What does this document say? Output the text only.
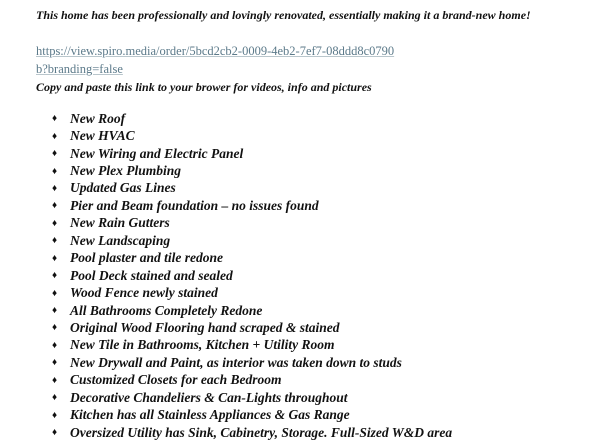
This home has been professionally and lovingly renovated, essentially making it a brand-new home!
https://view.spiro.media/order/5bcd2cb2-0009-4eb2-7ef7-08ddd8c0790b?branding=false
Copy and paste this link to your brower for videos, info and pictures
♦ New Roof
♦ New HVAC
♦ New Wiring and Electric Panel
♦ New Plex Plumbing
♦ Updated Gas Lines
♦ Pier and Beam foundation – no issues found
♦ New Rain Gutters
♦ New Landscaping
♦ Pool plaster and tile redone
♦ Pool Deck stained and sealed
♦ Wood Fence newly stained
♦ All Bathrooms Completely Redone
♦ Original Wood Flooring hand scraped & stained
♦ New Tile in Bathrooms, Kitchen + Utility Room
♦ New Drywall and Paint, as interior was taken down to studs
♦ Customized Closets for each Bedroom
♦ Decorative Chandeliers & Can-Lights throughout
♦ Kitchen has all Stainless Appliances & Gas Range
♦ Oversized Utility has Sink, Cabinetry, Storage. Full-Sized W&D area
